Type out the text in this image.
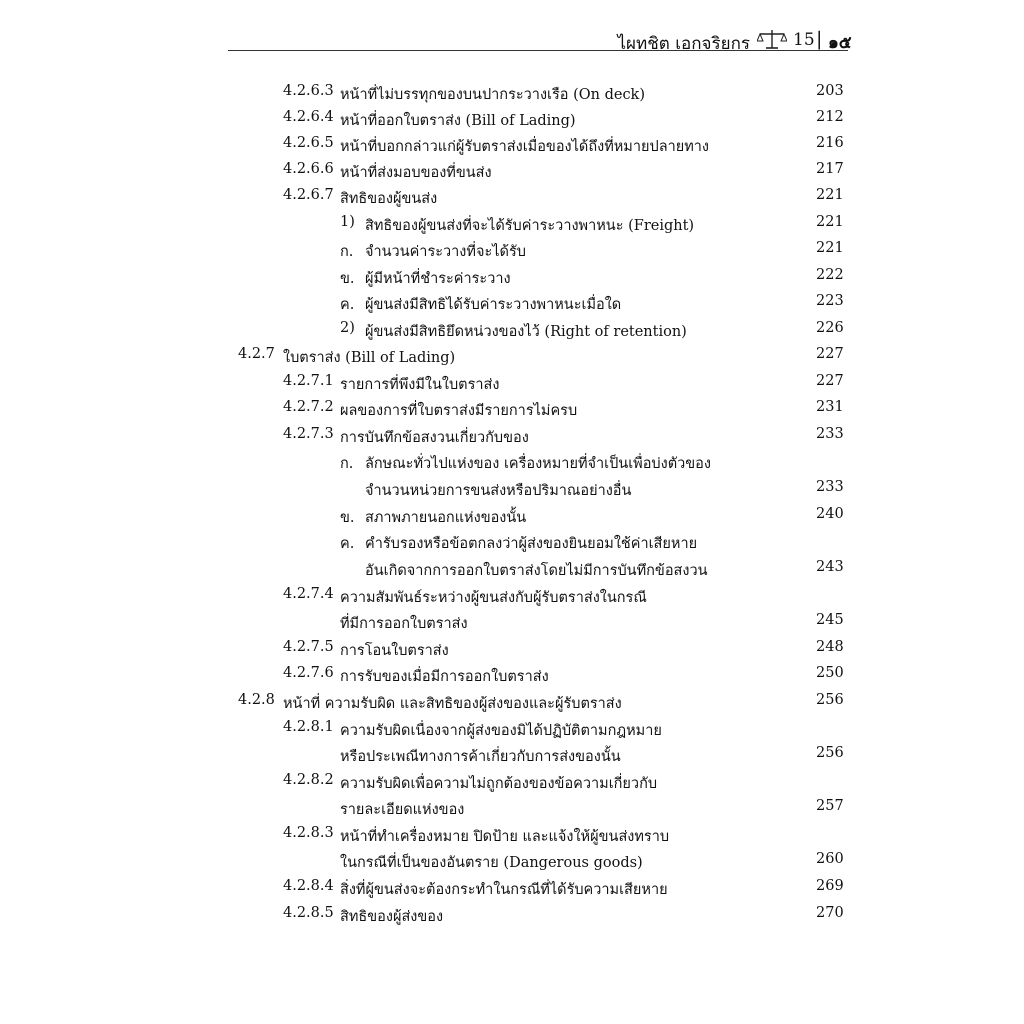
ไผทชิต เอกจริยกร	15 | ๑๕
4.2.6.3 หน้าที่ไม่บรรทุกของบนปากระวางเรือ (On deck)	203
4.2.6.4 หน้าที่ออกใบตราส่ง (Bill of Lading)	212
4.2.6.5 หน้าที่บอกกล่าวแก่ผู้รับตราส่งเมื่อของได้ถึงที่หมายปลายทาง	216
4.2.6.6 หน้าที่ส่งมอบของที่ขนส่ง	217
4.2.6.7 สิทธิของผู้ขนส่ง	221
1) สิทธิของผู้ขนส่งที่จะได้รับค่าระวางพาหนะ (Freight)	221
ก. จำนวนค่าระวางที่จะได้รับ	221
ข. ผู้มีหน้าที่ชำระค่าระวาง	222
ค. ผู้ขนส่งมีสิทธิได้รับค่าระวางพาหนะเมื่อใด	223
2) ผู้ขนส่งมีสิทธิยึดหน่วงของไว้ (Right of retention)	226
4.2.7 ใบตราส่ง (Bill of Lading)	227
4.2.7.1 รายการที่พึงมีในใบตราส่ง	227
4.2.7.2 ผลของการที่ใบตราส่งมีรายการไม่ครบ	231
4.2.7.3 การบันทึกข้อสงวนเกี่ยวกับของ	233
ก. ลักษณะทั่วไปแห่งของ เครื่องหมายที่จำเป็นเพื่อบ่งตัวของ
จำนวนหน่วยการขนส่งหรือปริมาณอย่างอื่น	233
ข. สภาพภายนอกแห่งของนั้น	240
ค. คำรับรองหรือข้อตกลงว่าผู้ส่งของยินยอมใช้ค่าเสียหาย
อันเกิดจากการออกใบตราส่งโดยไม่มีการบันทึกข้อสงวน	243
4.2.7.4 ความสัมพันธ์ระหว่างผู้ขนส่งกับผู้รับตราส่งในกรณี
ที่มีการออกใบตราส่ง	245
4.2.7.5 การโอนใบตราส่ง	248
4.2.7.6 การรับของเมื่อมีการออกใบตราส่ง	250
4.2.8 หน้าที่ ความรับผิด และสิทธิของผู้ส่งของและผู้รับตราส่ง	256
4.2.8.1 ความรับผิดเนื่องจากผู้ส่งของมิได้ปฏิบัติตามกฎหมาย
หรือประเพณีทางการค้าเกี่ยวกับการส่งของนั้น	256
4.2.8.2 ความรับผิดเพื่อความไม่ถูกต้องของข้อความเกี่ยวกับ
รายละเอียดแห่งของ	257
4.2.8.3 หน้าที่ทำเครื่องหมาย ปิดป้าย และแจ้งให้ผู้ขนส่งทราบ
ในกรณีที่เป็นของอันตราย (Dangerous goods)	260
4.2.8.4 สิ่งที่ผู้ขนส่งจะต้องกระทำในกรณีที่ได้รับความเสียหาย	269
4.2.8.5 สิทธิของผู้ส่งของ	270
